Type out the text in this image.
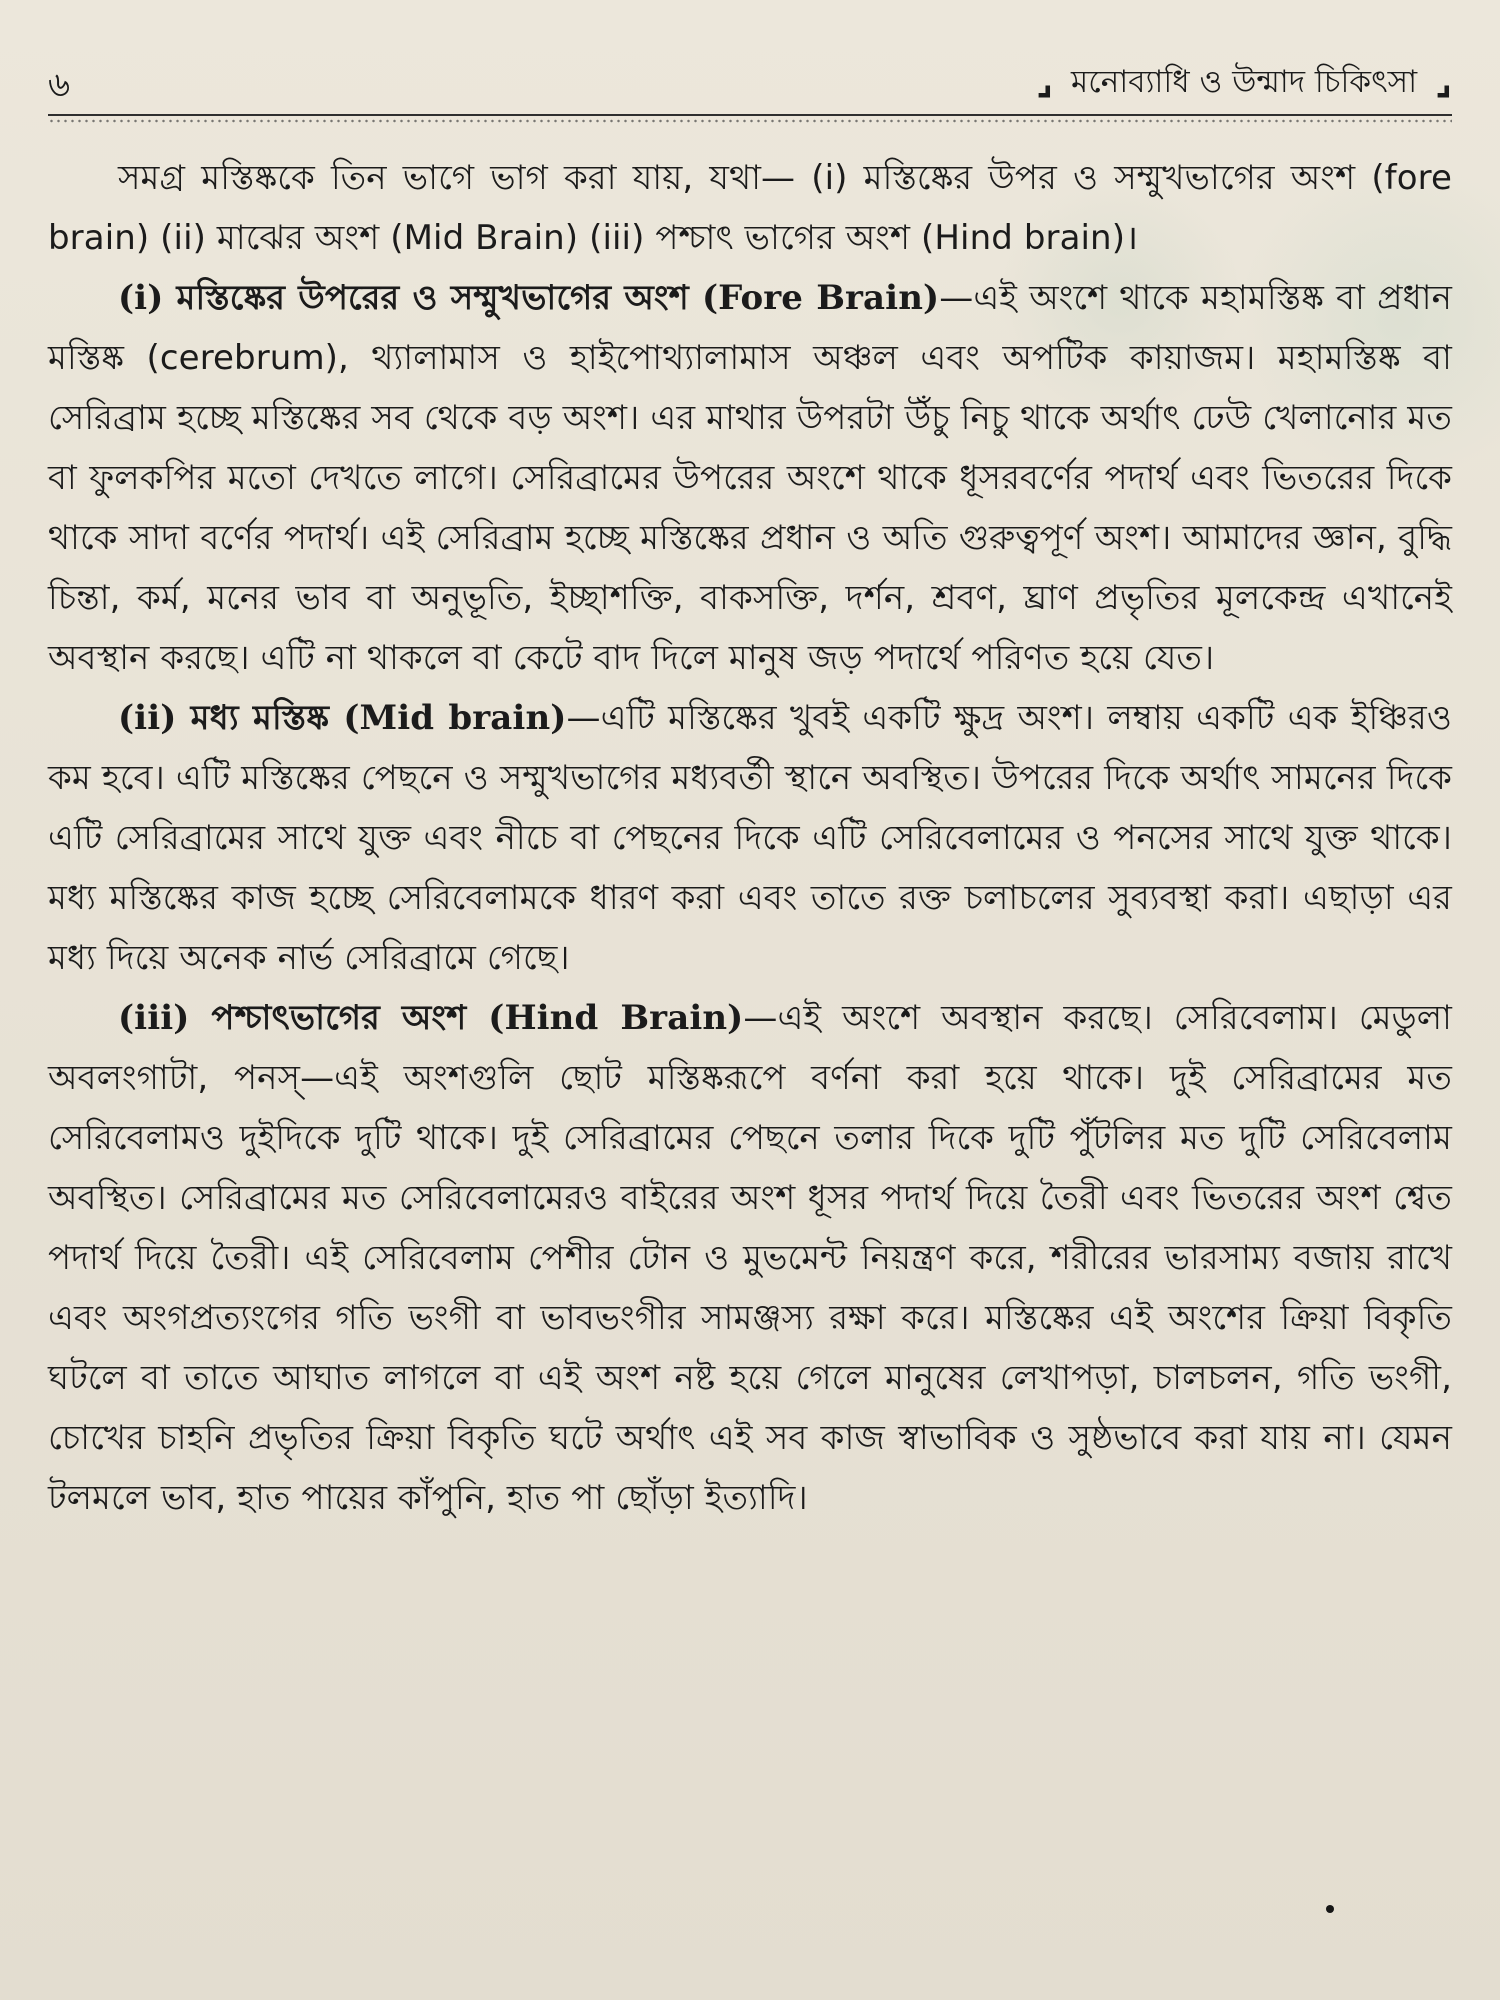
৬	⌟ মনোব্যাধি ও উন্মাদ চিকিৎসা ⌟

সমগ্র মস্তিষ্ককে তিন ভাগে ভাগ করা যায়, যথা— (i) মস্তিষ্কের উপর ও সম্মুখভাগের অংশ (fore brain) (ii) মাঝের অংশ (Mid Brain) (iii) পশ্চাৎ ভাগের অংশ (Hind brain)।

(i) মস্তিষ্কের উপরের ও সম্মুখভাগের অংশ (Fore Brain)—এই অংশে থাকে মহামস্তিষ্ক বা প্রধান মস্তিষ্ক (cerebrum), থ্যালামাস ও হাইপোথ্যালামাস অঞ্চল এবং অপটিক কায়াজম। মহামস্তিষ্ক বা সেরিব্রাম হচ্ছে মস্তিষ্কের সব থেকে বড় অংশ। এর মাথার উপরটা উঁচু নিচু থাকে অর্থাৎ ঢেউ খেলানোর মত বা ফুলকপির মতো দেখতে লাগে। সেরিব্রামের উপরের অংশে থাকে ধূসরবর্ণের পদার্থ এবং ভিতরের দিকে থাকে সাদা বর্ণের পদার্থ। এই সেরিব্রাম হচ্ছে মস্তিষ্কের প্রধান ও অতি গুরুত্বপূর্ণ অংশ। আমাদের জ্ঞান, বুদ্ধি চিন্তা, কর্ম, মনের ভাব বা অনুভূতি, ইচ্ছাশক্তি, বাকসক্তি, দর্শন, শ্রবণ, ঘ্রাণ প্রভৃতির মূলকেন্দ্র এখানেই অবস্থান করছে। এটি না থাকলে বা কেটে বাদ দিলে মানুষ জড় পদার্থে পরিণত হয়ে যেত।

(ii) মধ্য মস্তিষ্ক (Mid brain)—এটি মস্তিষ্কের খুবই একটি ক্ষুদ্র অংশ। লম্বায় একটি এক ইঞ্চিরও কম হবে। এটি মস্তিষ্কের পেছনে ও সম্মুখভাগের মধ্যবর্তী স্থানে অবস্থিত। উপরের দিকে অর্থাৎ সামনের দিকে এটি সেরিব্রামের সাথে যুক্ত এবং নীচে বা পেছনের দিকে এটি সেরিবেলামের ও পনসের সাথে যুক্ত থাকে। মধ্য মস্তিষ্কের কাজ হচ্ছে সেরিবেলামকে ধারণ করা এবং তাতে রক্ত চলাচলের সুব্যবস্থা করা। এছাড়া এর মধ্য দিয়ে অনেক নার্ভ সেরিব্রামে গেছে।

(iii) পশ্চাৎভাগের অংশ (Hind Brain)—এই অংশে অবস্থান করছে। সেরিবেলাম। মেডুলা অবলংগাটা, পনস্—এই অংশগুলি ছোট মস্তিষ্করূপে বর্ণনা করা হয়ে থাকে। দুই সেরিব্রামের মত সেরিবেলামও দুইদিকে দুটি থাকে। দুই সেরিব্রামের পেছনে তলার দিকে দুটি পুঁটলির মত দুটি সেরিবেলাম অবস্থিত। সেরিব্রামের মত সেরিবেলামেরও বাইরের অংশ ধূসর পদার্থ দিয়ে তৈরী এবং ভিতরের অংশ শ্বেত পদার্থ দিয়ে তৈরী। এই সেরিবেলাম পেশীর টোন ও মুভমেন্ট নিয়ন্ত্রণ করে, শরীরের ভারসাম্য বজায় রাখে এবং অংগপ্রত্যংগের গতি ভংগী বা ভাবভংগীর সামঞ্জস্য রক্ষা করে। মস্তিষ্কের এই অংশের ক্রিয়া বিকৃতি ঘটলে বা তাতে আঘাত লাগলে বা এই অংশ নষ্ট হয়ে গেলে মানুষের লেখাপড়া, চালচলন, গতি ভংগী, চোখের চাহনি প্রভৃতির ক্রিয়া বিকৃতি ঘটে অর্থাৎ এই সব কাজ স্বাভাবিক ও সুষ্ঠভাবে করা যায় না। যেমন টলমলে ভাব, হাত পায়ের কাঁপুনি, হাত পা ছোঁড়া ইত্যাদি।
